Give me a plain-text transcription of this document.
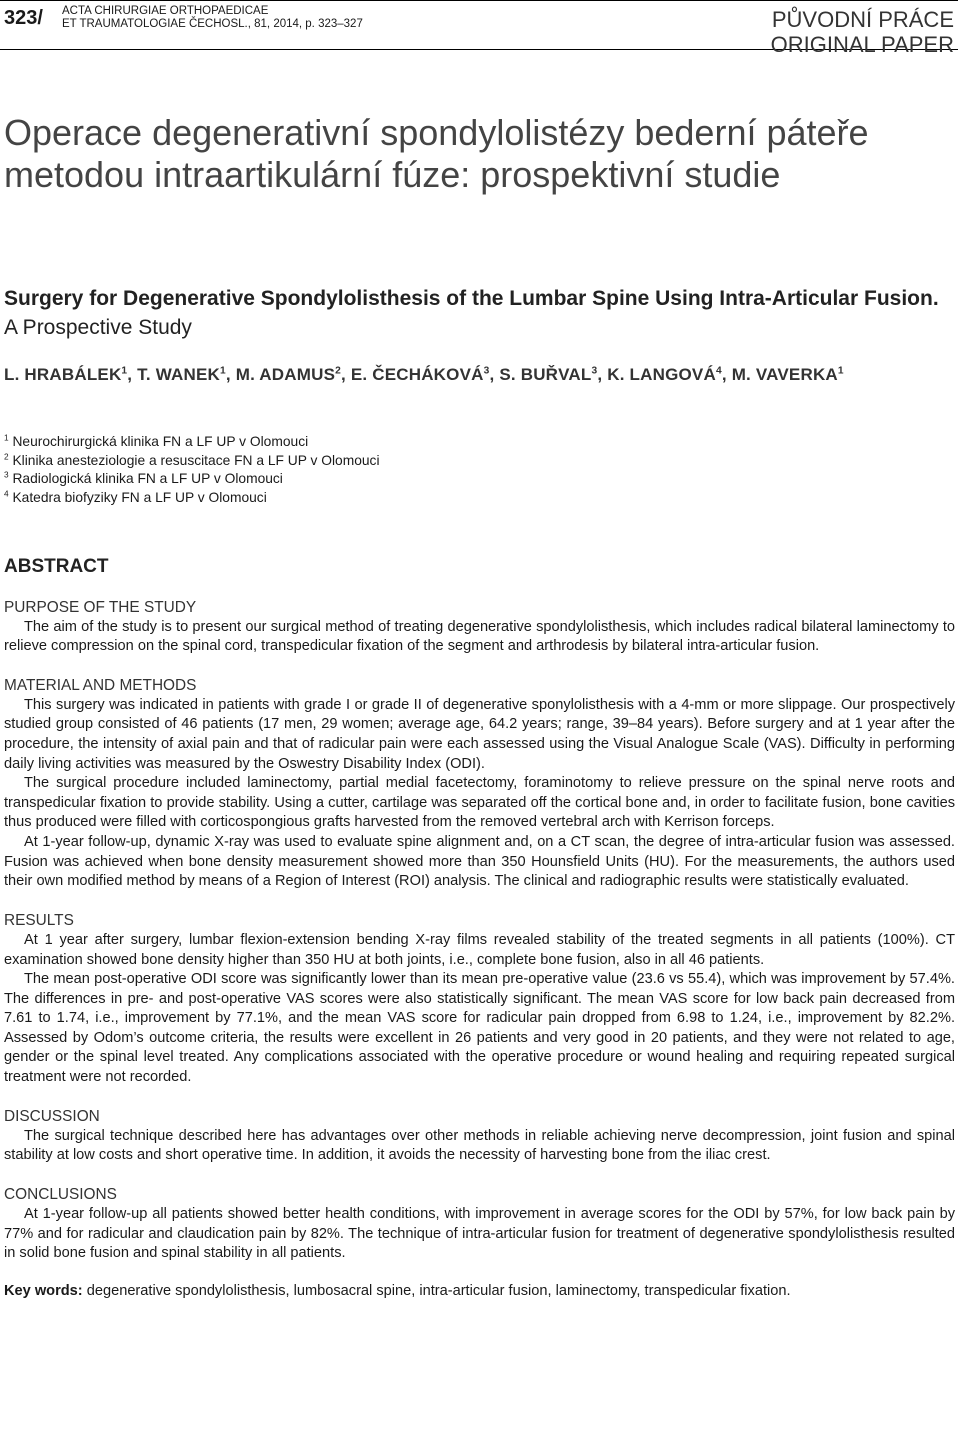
323/ ACTA CHIRURGIAE ORTHOPAEDICAE
ET TRAUMATOLOGIAE ČECHOSL., 81, 2014, p. 323–327	PŮVODNÍ PRÁCE
ORIGINAL PAPER
Operace degenerativní spondylolistézy bederní páteře metodou intraartikulární fúze: prospektivní studie
Surgery for Degenerative Spondylolisthesis of the Lumbar Spine Using Intra-Articular Fusion. A Prospective Study
L. HRABÁLEK$^1$, T. WANEK$^1$, M. ADAMUS$^2$, E. ČECHÁKOVÁ$^3$, S. BUŘVAL$^3$, K. LANGOVÁ$^4$, M. VAVERKA$^1$
$^1$ Neurochirurgická klinika FN a LF UP v Olomouci
$^2$ Klinika anesteziologie a resuscitace FN a LF UP v Olomouci
$^3$ Radiologická klinika FN a LF UP v Olomouci
$^4$ Katedra biofyziky FN a LF UP v Olomouci
ABSTRACT
PURPOSE OF THE STUDY

The aim of the study is to present our surgical method of treating degenerative spondylolisthesis, which includes radical bilateral laminectomy to relieve compression on the spinal cord, transpedicular fixation of the segment and arthrodesis by bilateral intra-articular fusion.

MATERIAL AND METHODS

This surgery was indicated in patients with grade I or grade II of degenerative sponylolisthesis with a 4-mm or more slippage. Our prospectively studied group consisted of 46 patients (17 men, 29 women; average age, 64.2 years; range, 39–84 years). Before surgery and at 1 year after the procedure, the intensity of axial pain and that of radicular pain were each assessed using the Visual Analogue Scale (VAS). Difficulty in performing daily living activities was measured by the Oswestry Disability Index (ODI).

The surgical procedure included laminectomy, partial medial facetectomy, foraminotomy to relieve pressure on the spinal nerve roots and transpedicular fixation to provide stability. Using a cutter, cartilage was separated off the cortical bone and, in order to facilitate fusion, bone cavities thus produced were filled with corticospongious grafts harvested from the removed vertebral arch with Kerrison forceps.

At 1-year follow-up, dynamic X-ray was used to evaluate spine alignment and, on a CT scan, the degree of intra-articular fusion was assessed. Fusion was achieved when bone density measurement showed more than 350 Hounsfield Units (HU). For the measurements, the authors used their own modified method by means of a Region of Interest (ROI) analysis. The clinical and radiographic results were statistically evaluated.

RESULTS

At 1 year after surgery, lumbar flexion-extension bending X-ray films revealed stability of the treated segments in all patients (100%). CT examination showed bone density higher than 350 HU at both joints, i.e., complete bone fusion, also in all 46 patients.

The mean post-operative ODI score was significantly lower than its mean pre-operative value (23.6 vs 55.4), which was improvement by 57.4%. The differences in pre- and post-operative VAS scores were also statistically significant. The mean VAS score for low back pain decreased from 7.61 to 1.74, i.e., improvement by 77.1%, and the mean VAS score for radicular pain dropped from 6.98 to 1.24, i.e., improvement by 82.2%. Assessed by Odom’s outcome criteria, the results were excellent in 26 patients and very good in 20 patients, and they were not related to age, gender or the spinal level treated. Any complications associated with the operative procedure or wound healing and requiring repeated surgical treatment were not recorded.

DISCUSSION

The surgical technique described here has advantages over other methods in reliable achieving nerve decompression, joint fusion and spinal stability at low costs and short operative time. In addition, it avoids the necessity of harvesting bone from the iliac crest.

CONCLUSIONS

At 1-year follow-up all patients showed better health conditions, with improvement in average scores for the ODI by 57%, for low back pain by 77% and for radicular and claudication pain by 82%. The technique of intra-articular fusion for treatment of degenerative spondylolisthesis resulted in solid bone fusion and spinal stability in all patients.

Key words: degenerative spondylolisthesis, lumbosacral spine, intra-articular fusion, laminectomy, transpedicular fixation.
